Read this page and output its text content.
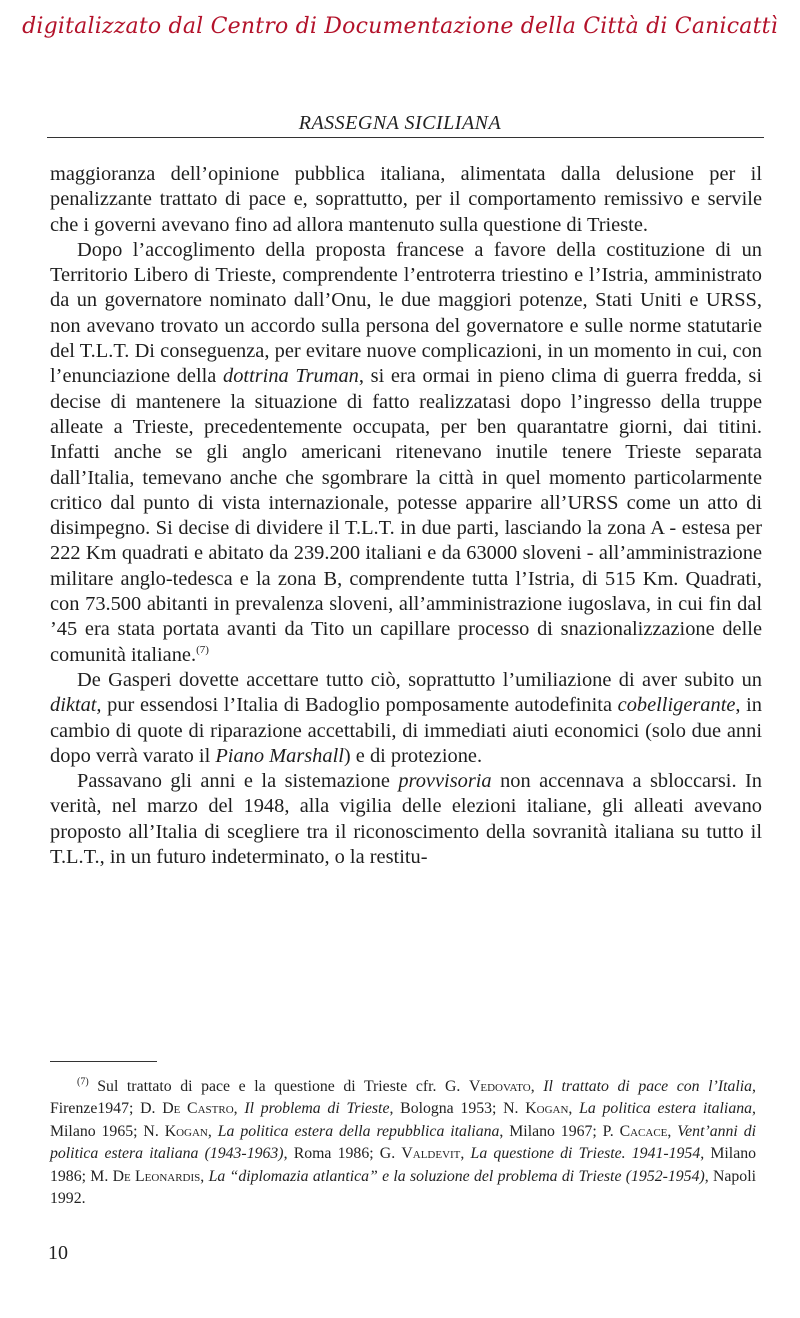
digitalizzato dal Centro di Documentazione della Città di Canicattì
RASSEGNA SICILIANA

maggioranza dell’opinione pubblica italiana, alimentata dalla delusione per il penalizzante trattato di pace e, soprattutto, per il comportamento remissivo e servile che i governi avevano fino ad allora mantenuto sulla questione di Trieste.

Dopo l’accoglimento della proposta francese a favore della costituzione di un Territorio Libero di Trieste, comprendente l’entroterra triestino e l’Istria, amministrato da un governatore nominato dall’Onu, le due maggiori potenze, Stati Uniti e URSS, non avevano trovato un accordo sulla persona del governatore e sulle norme statutarie del T.L.T. Di conseguenza, per evitare nuove complicazioni, in un momento in cui, con l’enunciazione della dottrina Truman, si era ormai in pieno clima di guerra fredda, si decise di mantenere la situazione di fatto realizzatasi dopo l’ingresso della truppe alleate a Trieste, precedentemente occupata, per ben quarantatre giorni, dai titini. Infatti anche se gli anglo americani ritenevano inutile tenere Trieste separata dall’Italia, temevano anche che sgombrare la città in quel momento particolarmente critico dal punto di vista internazionale, potesse apparire all’URSS come un atto di disimpegno. Si decise di dividere il T.L.T. in due parti, lasciando la zona A - estesa per 222 Km quadrati e abitato da 239.200 italiani e da 63000 sloveni - all’amministrazione militare anglo-tedesca e la zona B, comprendente tutta l’Istria, di 515 Km. Quadrati, con 73.500 abitanti in prevalenza sloveni, all’amministrazione iugoslava, in cui fin dal ’45 era stata portata avanti da Tito un capillare processo di snazionalizzazione delle comunità italiane.$^{(7)}$

De Gasperi dovette accettare tutto ciò, soprattutto l’umiliazione di aver subito un diktat, pur essendosi l’Italia di Badoglio pomposamente autodefinita cobelligerante, in cambio di quote di riparazione accettabili, di immediati aiuti economici (solo due anni dopo verrà varato il Piano Marshall) e di protezione.

Passavano gli anni e la sistemazione provvisoria non accennava a sbloccarsi. In verità, nel marzo del 1948, alla vigilia delle elezioni italiane, gli alleati avevano proposto all’Italia di scegliere tra il riconoscimento della sovranità italiana su tutto il T.L.T., in un futuro indeterminato, o la restitu-

$^{(7)}$ Sul trattato di pace e la questione di Trieste cfr. G. Vedovato, Il trattato di pace con l’Italia, Firenze1947; D. De Castro, Il problema di Trieste, Bologna 1953; N. Kogan, La politica estera italiana, Milano 1965; N. Kogan, La politica estera della repubblica italiana, Milano 1967; P. Cacace, Vent’anni di politica estera italiana (1943-1963), Roma 1986; G. Valdevit, La questione di Trieste. 1941-1954, Milano 1986; M. De Leonardis, La “diplomazia atlantica” e la soluzione del problema di Trieste (1952-1954), Napoli 1992.
10
